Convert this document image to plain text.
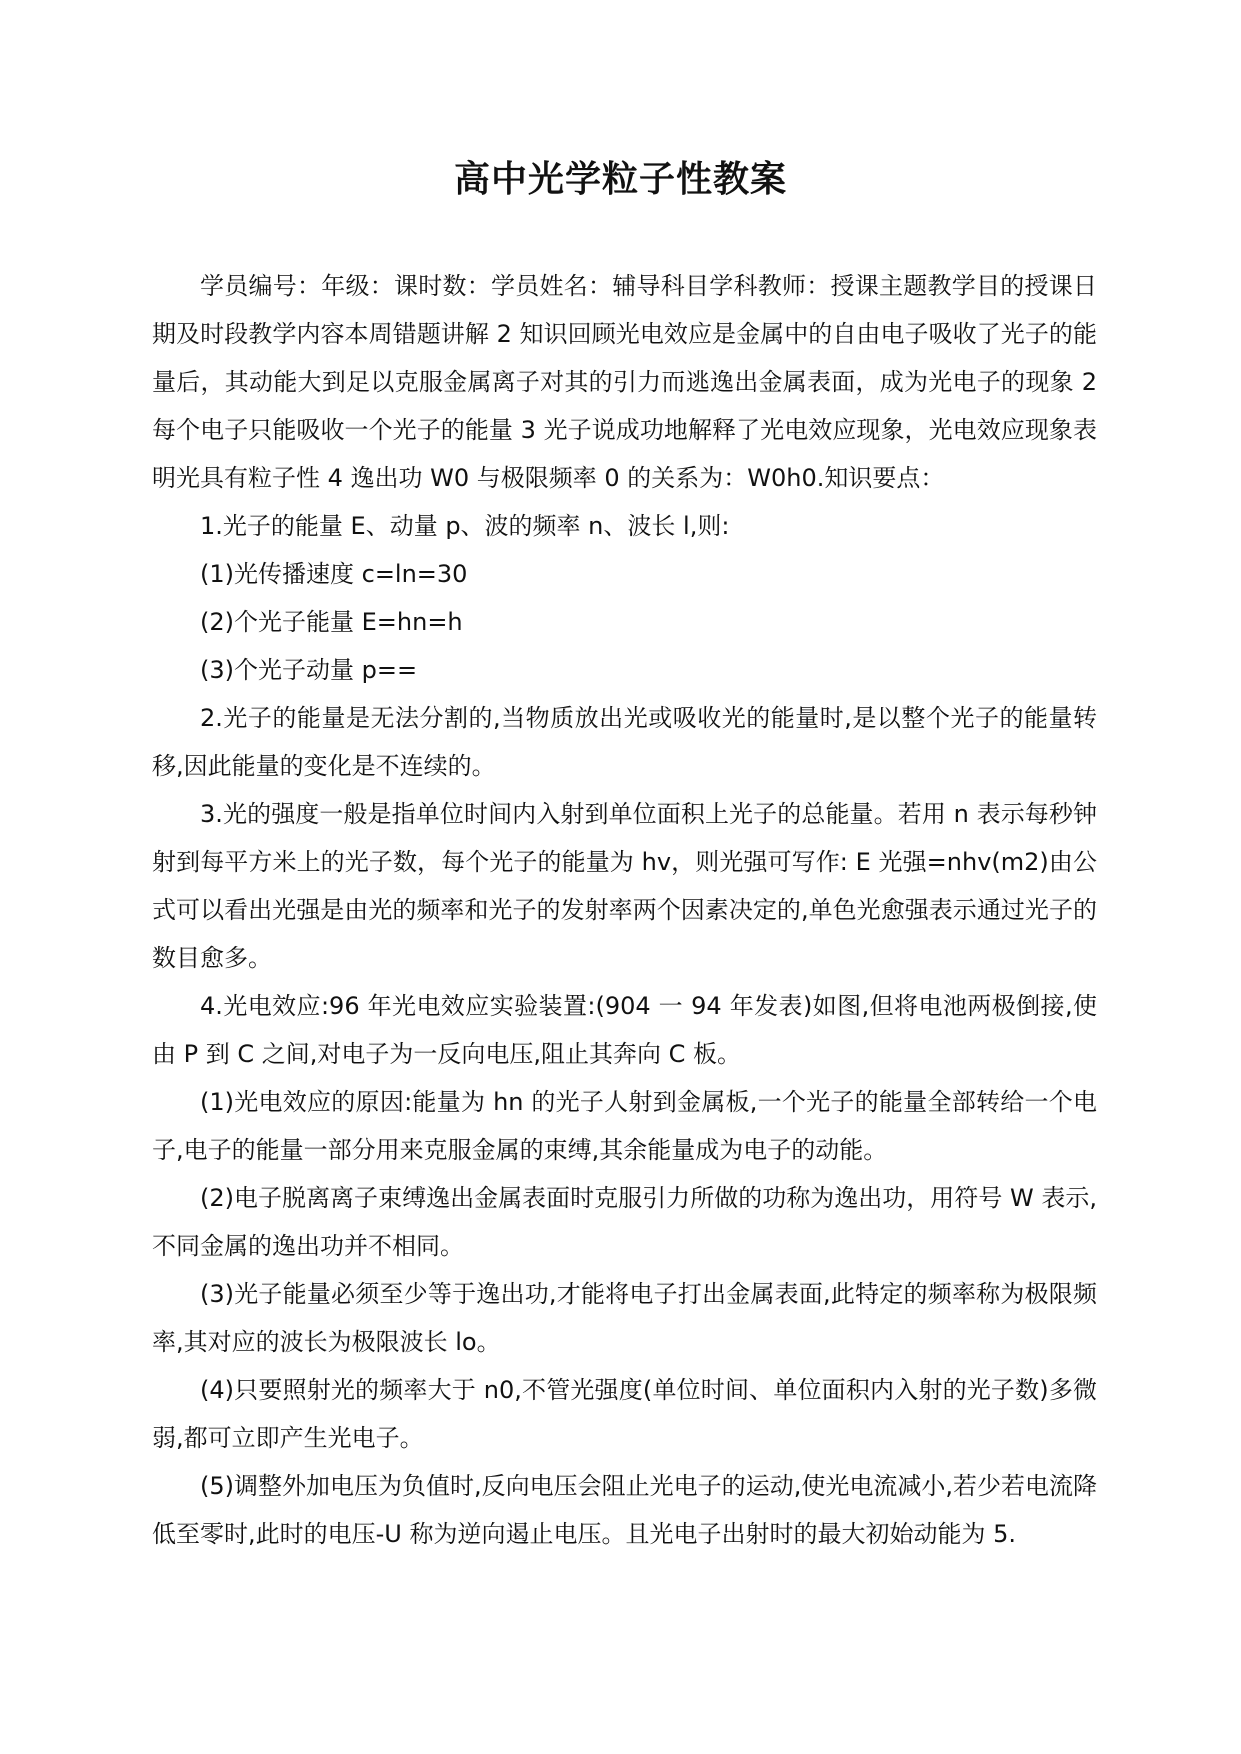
高中光学粒子性教案

学员编号：年级：课时数：学员姓名：辅导科目学科教师：授课主题教学目的授课日期及时段教学内容本周错题讲解 2 知识回顾光电效应是金属中的自由电子吸收了光子的能量后，其动能大到足以克服金属离子对其的引力而逃逸出金属表面，成为光电子的现象 2 每个电子只能吸收一个光子的能量 3 光子说成功地解释了光电效应现象，光电效应现象表明光具有粒子性 4 逸出功 W0 与极限频率 0 的关系为：W0h0.知识要点：

1.光子的能量 E、动量 p、波的频率 n、波长 l,则:

(1)光传播速度 c=ln=30

(2)个光子能量 E=hn=h

(3)个光子动量 p==

2.光子的能量是无法分割的,当物质放出光或吸收光的能量时,是以整个光子的能量转移,因此能量的变化是不连续的。

3.光的强度一般是指单位时间内入射到单位面积上光子的总能量。若用 n 表示每秒钟射到每平方米上的光子数，每个光子的能量为 hv，则光强可写作: E 光强=nhv(m2)由公式可以看出光强是由光的频率和光子的发射率两个因素决定的,单色光愈强表示通过光子的数目愈多。

4.光电效应:96 年光电效应实验装置:(904 一 94 年发表)如图,但将电池两极倒接,使由 P 到 C 之间,对电子为一反向电压,阻止其奔向 C 板。

(1)光电效应的原因:能量为 hn 的光子人射到金属板,一个光子的能量全部转给一个电子,电子的能量一部分用来克服金属的束缚,其余能量成为电子的动能。

(2)电子脱离离子束缚逸出金属表面时克服引力所做的功称为逸出功，用符号 W 表示,不同金属的逸出功并不相同。

(3)光子能量必须至少等于逸出功,才能将电子打出金属表面,此特定的频率称为极限频率,其对应的波长为极限波长 lo。

(4)只要照射光的频率大于 n0,不管光强度(单位时间、单位面积内入射的光子数)多微弱,都可立即产生光电子。

(5)调整外加电压为负值时,反向电压会阻止光电子的运动,使光电流减小,若少若电流降低至零时,此时的电压-U 称为逆向遏止电压。且光电子出射时的最大初始动能为 5.
